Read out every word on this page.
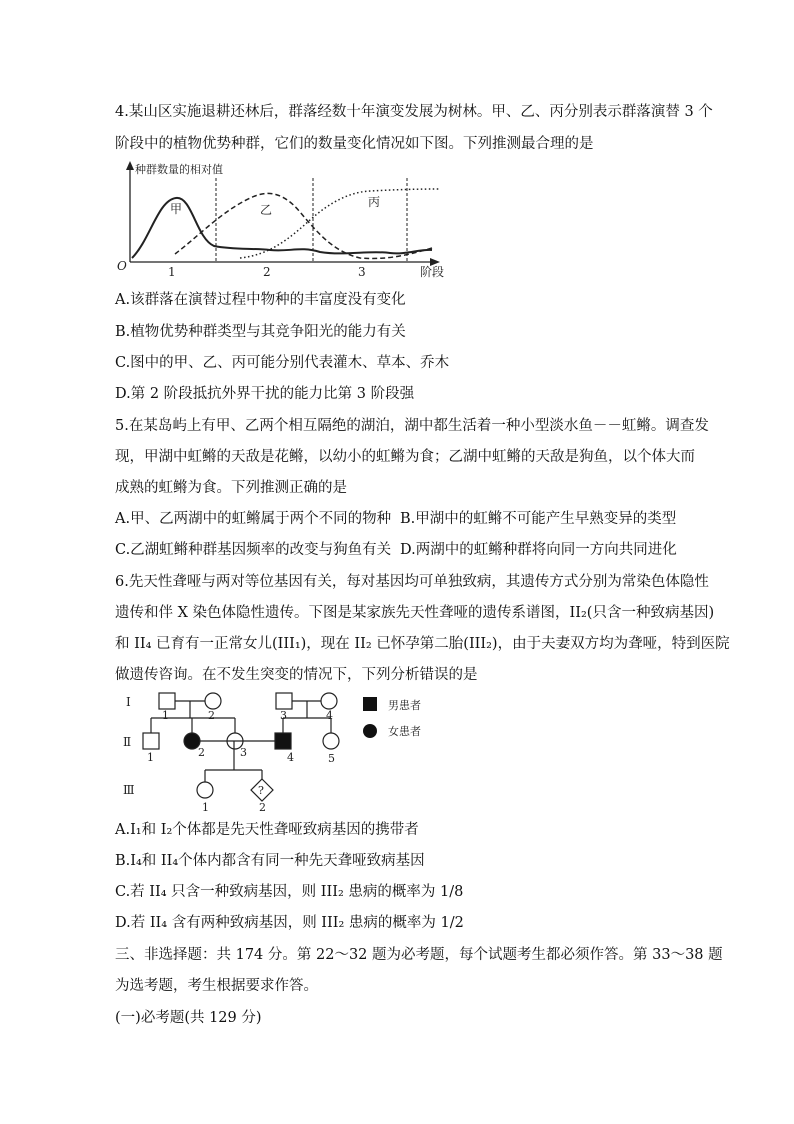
4.某山区实施退耕还林后，群落经数十年演变发展为树林。甲、乙、丙分别表示群落演替 3 个
阶段中的植物优势种群，它们的数量变化情况如下图。下列推测最合理的是
种群数量的相对值
O	阶段
1	2	3
甲	乙
丙
A.该群落在演替过程中物种的丰富度没有变化
B.植物优势种群类型与其竞争阳光的能力有关
C.图中的甲、乙、丙可能分别代表灌木、草本、乔木
D.第 2 阶段抵抗外界干扰的能力比第 3 阶段强
5.在某岛屿上有甲、乙两个相互隔绝的湖泊，湖中都生活着一种小型淡水鱼－－虹鳉。调查发
现，甲湖中虹鳉的天敌是花鳉，以幼小的虹鳉为食；乙湖中虹鳉的天敌是狗鱼，以个体大而
成熟的虹鳉为食。下列推测正确的是
A.甲、乙两湖中的虹鳉属于两个不同的物种 B.甲湖中的虹鳉不可能产生早熟变异的类型
C.乙湖虹鳉种群基因频率的改变与狗鱼有关 D.两湖中的虹鳉种群将向同一方向共同进化
6.先天性聋哑与两对等位基因有关，每对基因均可单独致病，其遗传方式分别为常染色体隐性
遗传和伴 X 染色体隐性遗传。下图是某家族先天性聋哑的遗传系谱图，II₂(只含一种致病基因)
和 II₄ 已育有一正常女儿(III₁)，现在 II₂ 已怀孕第二胎(III₂)，由于夫妻双方均为聋哑，特到医院
做遗传咨询。在不发生突变的情况下，下列分析错误的是
I
Ⅱ
Ⅲ
1	2	3	4
1	2	3	4	5
1	2
?
男患者
女患者
A.I₁和 I₂个体都是先天性聋哑致病基因的携带者
B.I₄和 II₄个体内都含有同一种先天聋哑致病基因
C.若 II₄ 只含一种致病基因，则 III₂ 患病的概率为 1/8
D.若 II₄ 含有两种致病基因，则 III₂ 患病的概率为 1/2
三、非选择题：共 174 分。第 22～32 题为必考题，每个试题考生都必须作答。第 33～38 题
为选考题，考生根据要求作答。
(一)必考题(共 129 分)
